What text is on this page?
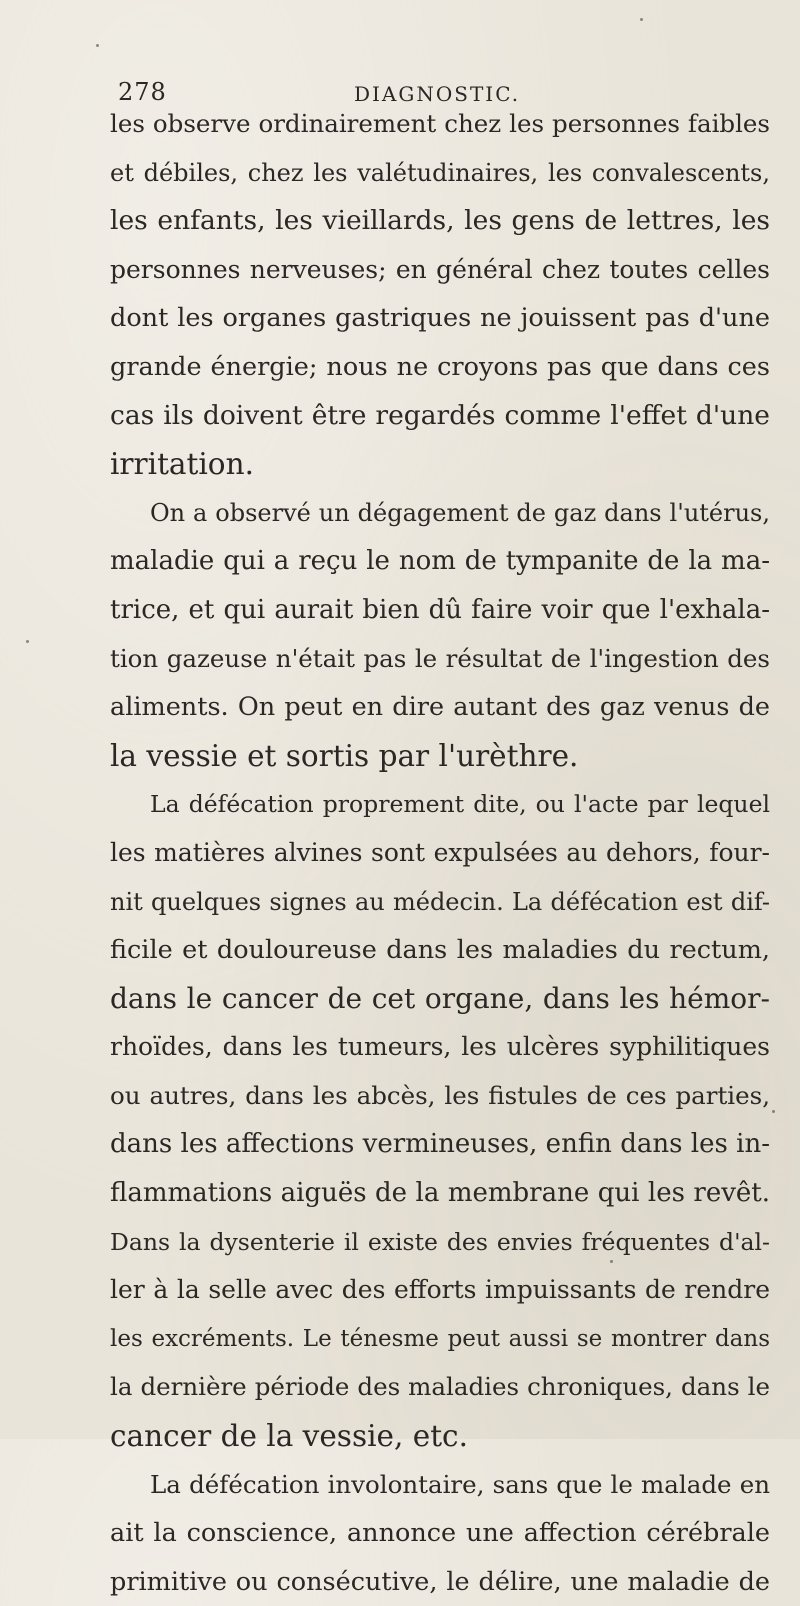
278	DIAGNOSTIC.
les observe ordinairement chez les personnes faibles
et débiles, chez les valétudinaires, les convalescents,
les enfants, les vieillards, les gens de lettres, les
personnes nerveuses; en général chez toutes celles
dont les organes gastriques ne jouissent pas d'une
grande énergie; nous ne croyons pas que dans ces
cas ils doivent être regardés comme l'effet d'une
irritation.
On a observé un dégagement de gaz dans l'utérus,
maladie qui a reçu le nom de tympanite de la ma-
trice, et qui aurait bien dû faire voir que l'exhala-
tion gazeuse n'était pas le résultat de l'ingestion des
aliments. On peut en dire autant des gaz venus de
la vessie et sortis par l'urèthre.
La défécation proprement dite, ou l'acte par lequel
les matières alvines sont expulsées au dehors, four-
nit quelques signes au médecin. La défécation est dif-
ficile et douloureuse dans les maladies du rectum,
dans le cancer de cet organe, dans les hémor-
rhoïdes, dans les tumeurs, les ulcères syphilitiques
ou autres, dans les abcès, les fistules de ces parties,
dans les affections vermineuses, enfin dans les in-
flammations aiguës de la membrane qui les revêt.
Dans la dysenterie il existe des envies fréquentes d'al-
ler à la selle avec des efforts impuissants de rendre
les excréments. Le ténesme peut aussi se montrer dans
la dernière période des maladies chroniques, dans le
cancer de la vessie, etc.
La défécation involontaire, sans que le malade en
ait la conscience, annonce une affection cérébrale
primitive ou consécutive, le délire, une maladie de
